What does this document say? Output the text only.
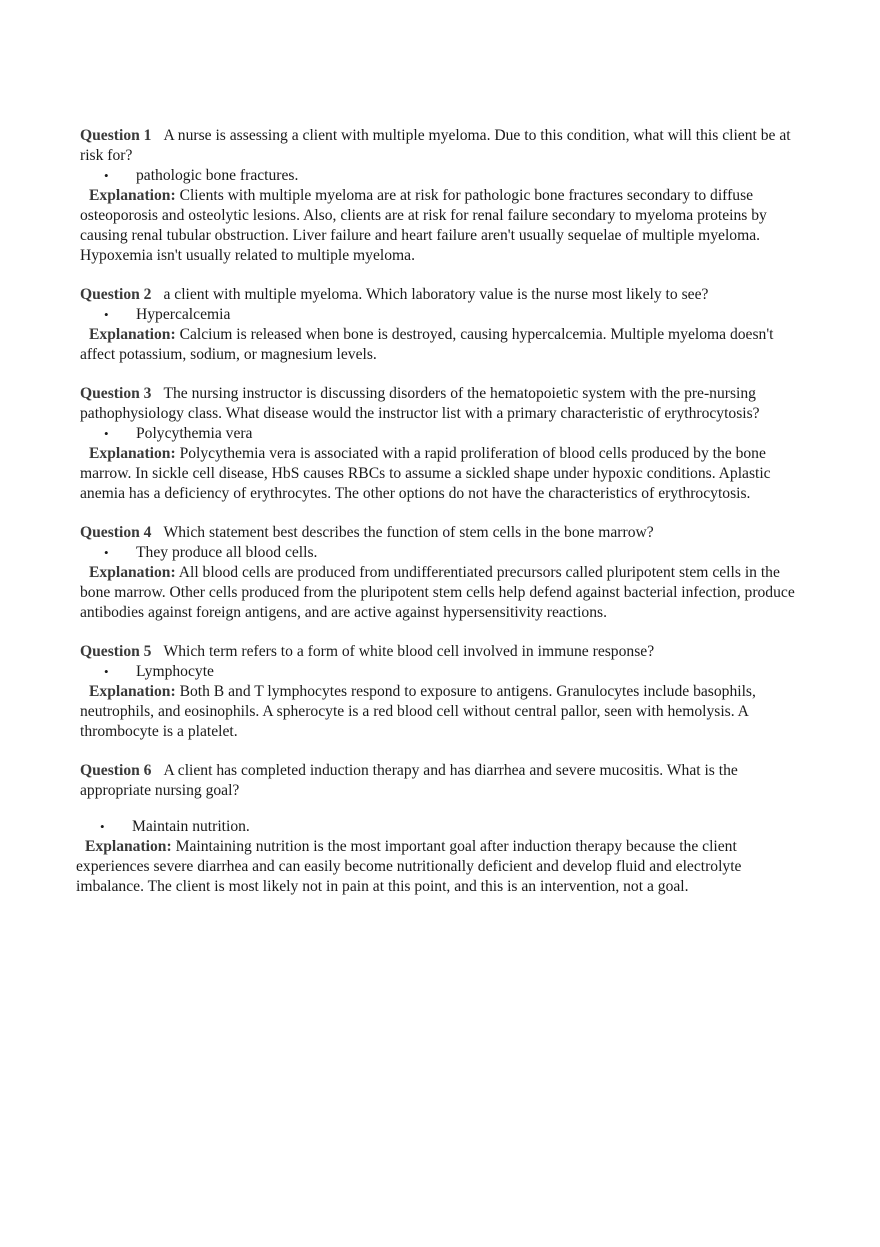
Question 1 A nurse is assessing a client with multiple myeloma. Due to this condition, what will this client be at risk for?

• pathologic bone fractures.

Explanation: Clients with multiple myeloma are at risk for pathologic bone fractures secondary to diffuse osteoporosis and osteolytic lesions. Also, clients are at risk for renal failure secondary to myeloma proteins by causing renal tubular obstruction. Liver failure and heart failure aren't usually sequelae of multiple myeloma. Hypoxemia isn't usually related to multiple myeloma.

Question 2 a client with multiple myeloma. Which laboratory value is the nurse most likely to see?

• Hypercalcemia

Explanation: Calcium is released when bone is destroyed, causing hypercalcemia. Multiple myeloma doesn't affect potassium, sodium, or magnesium levels.

Question 3 The nursing instructor is discussing disorders of the hematopoietic system with the pre-nursing pathophysiology class. What disease would the instructor list with a primary characteristic of erythrocytosis?

• Polycythemia vera

Explanation: Polycythemia vera is associated with a rapid proliferation of blood cells produced by the bone marrow. In sickle cell disease, HbS causes RBCs to assume a sickled shape under hypoxic conditions. Aplastic anemia has a deficiency of erythrocytes. The other options do not have the characteristics of erythrocytosis.

Question 4 Which statement best describes the function of stem cells in the bone marrow?

• They produce all blood cells.

Explanation: All blood cells are produced from undifferentiated precursors called pluripotent stem cells in the bone marrow. Other cells produced from the pluripotent stem cells help defend against bacterial infection, produce antibodies against foreign antigens, and are active against hypersensitivity reactions.

Question 5 Which term refers to a form of white blood cell involved in immune response?

• Lymphocyte

Explanation: Both B and T lymphocytes respond to exposure to antigens. Granulocytes include basophils, neutrophils, and eosinophils. A spherocyte is a red blood cell without central pallor, seen with hemolysis. A thrombocyte is a platelet.

Question 6 A client has completed induction therapy and has diarrhea and severe mucositis. What is the appropriate nursing goal?

• Maintain nutrition.

Explanation: Maintaining nutrition is the most important goal after induction therapy because the client experiences severe diarrhea and can easily become nutritionally deficient and develop fluid and electrolyte imbalance. The client is most likely not in pain at this point, and this is an intervention, not a goal.
